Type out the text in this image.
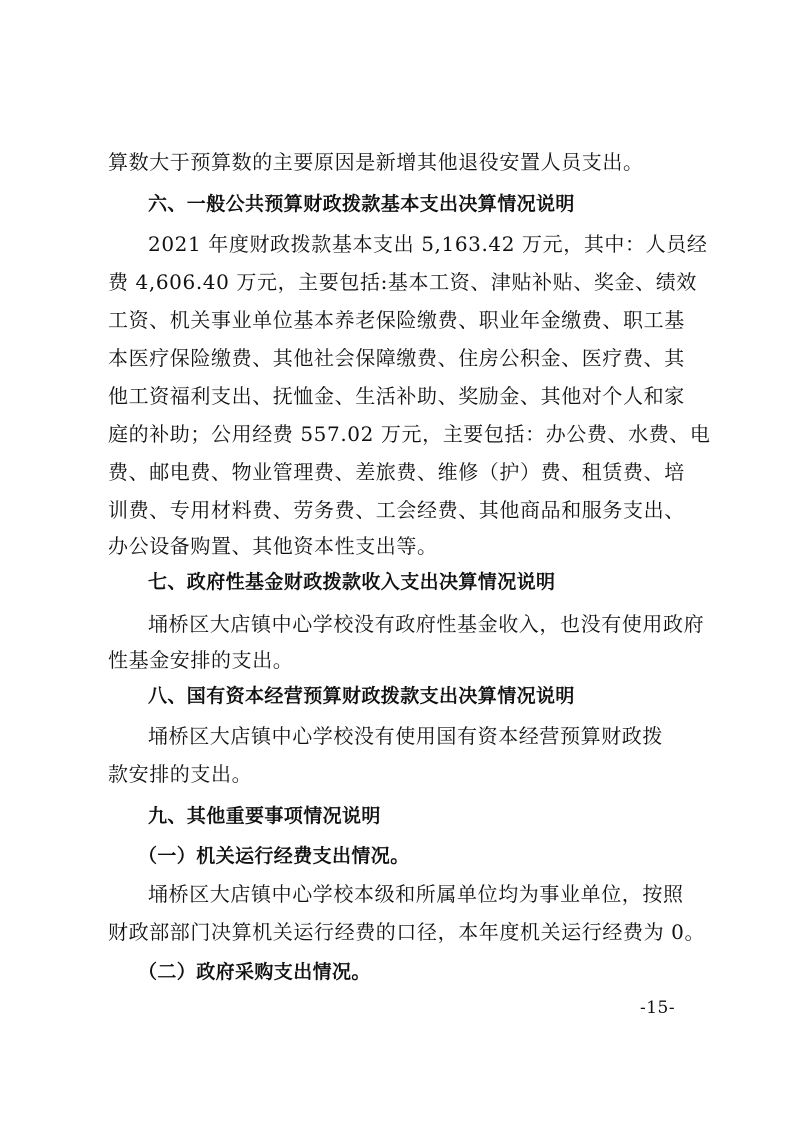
算数大于预算数的主要原因是新增其他退役安置人员支出。
六、一般公共预算财政拨款基本支出决算情况说明
2021 年度财政拨款基本支出 5,163.42 万元，其中：人员经
费 4,606.40 万元，主要包括:基本工资、津贴补贴、奖金、绩效
工资、机关事业单位基本养老保险缴费、职业年金缴费、职工基
本医疗保险缴费、其他社会保障缴费、住房公积金、医疗费、其
他工资福利支出、抚恤金、生活补助、奖励金、其他对个人和家
庭的补助；公用经费 557.02 万元，主要包括：办公费、水费、电
费、邮电费、物业管理费、差旅费、维修（护）费、租赁费、培
训费、专用材料费、劳务费、工会经费、其他商品和服务支出、
办公设备购置、其他资本性支出等。
七、政府性基金财政拨款收入支出决算情况说明
埇桥区大店镇中心学校没有政府性基金收入，也没有使用政府
性基金安排的支出。
八、国有资本经营预算财政拨款支出决算情况说明
埇桥区大店镇中心学校没有使用国有资本经营预算财政拨
款安排的支出。
九、其他重要事项情况说明
（一）机关运行经费支出情况。
埇桥区大店镇中心学校本级和所属单位均为事业单位，按照
财政部部门决算机关运行经费的口径，本年度机关运行经费为 0。
（二）政府采购支出情况。
-15-
